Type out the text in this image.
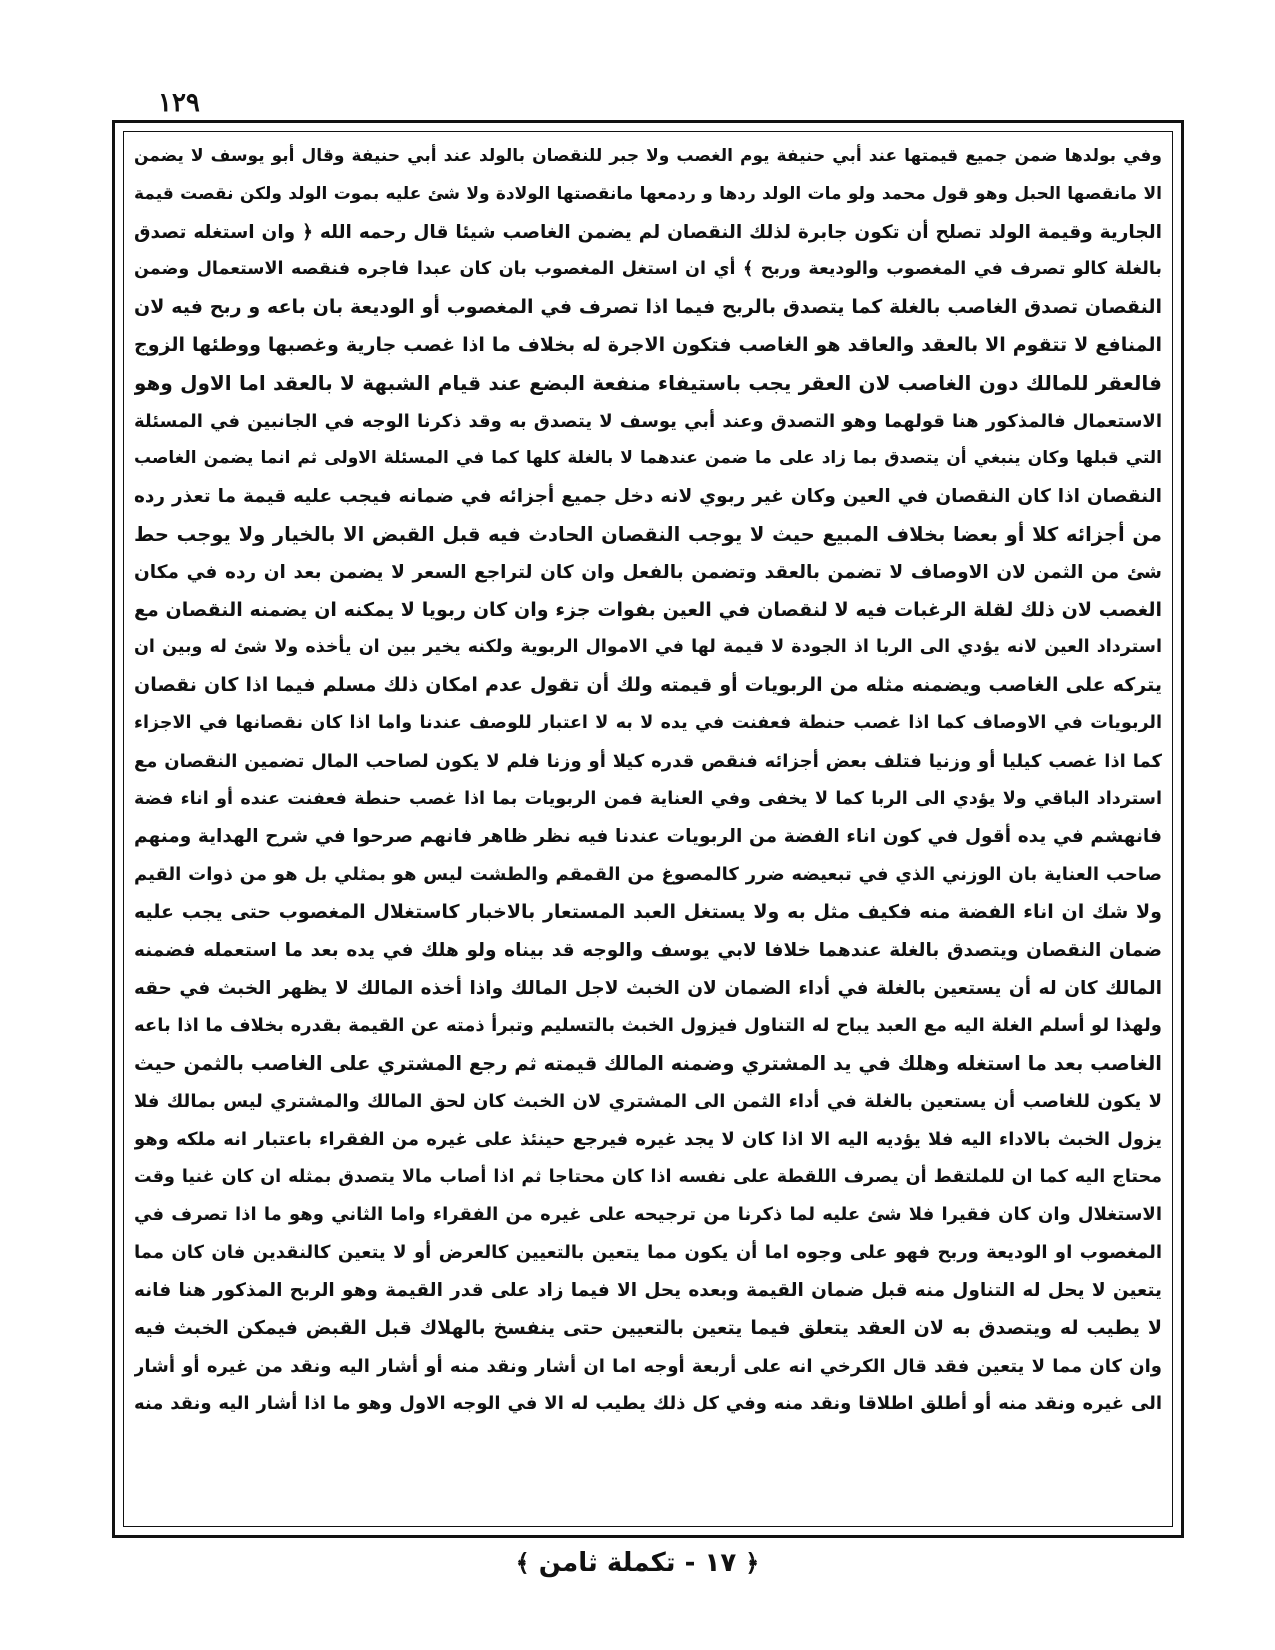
١٢٩
وفي بولدها ضمن جميع قيمتها عند أبي حنيفة يوم الغصب ولا جبر للنقصان بالولد عند أبي حنيفة وقال أبو يوسف لا يضمن
الا مانقصها الحبل وهو قول محمد ولو مات الولد ردها و ردمعها مانقصتها الولادة ولا شئ عليه بموت الولد ولكن نقصت قيمة
الجارية وقيمة الولد تصلح أن تكون جابرة لذلك النقصان لم يضمن الغاصب شيئا قال رحمه الله ﴿ وان استغله تصدق
بالغلة كالو تصرف في المغصوب والوديعة وربح ﴾ أي ان استغل المغصوب بان كان عبدا فاجره فنقصه الاستعمال وضمن
النقصان تصدق الغاصب بالغلة كما يتصدق بالربح فيما اذا تصرف في المغصوب أو الوديعة بان باعه و ربح فيه لان
المنافع لا تتقوم الا بالعقد والعاقد هو الغاصب فتكون الاجرة له بخلاف ما اذا غصب جارية وغصبها ووطئها الزوج
فالعقر للمالك دون الغاصب لان العقر يجب باستيفاء منفعة البضع عند قيام الشبهة لا بالعقد اما الاول وهو
الاستعمال فالمذكور هنا قولهما وهو التصدق وعند أبي يوسف لا يتصدق به وقد ذكرنا الوجه في الجانبين في المسئلة
التي قبلها وكان ينبغي أن يتصدق بما زاد على ما ضمن عندهما لا بالغلة كلها كما في المسئلة الاولى ثم انما يضمن الغاصب
النقصان اذا كان النقصان في العين وكان غير ربوي لانه دخل جميع أجزائه في ضمانه فيجب عليه قيمة ما تعذر رده
من أجزائه كلا أو بعضا بخلاف المبيع حيث لا يوجب النقصان الحادث فيه قبل القبض الا بالخيار ولا يوجب حط
شئ من الثمن لان الاوصاف لا تضمن بالعقد وتضمن بالفعل وان كان لتراجع السعر لا يضمن بعد ان رده في مكان
الغصب لان ذلك لقلة الرغبات فيه لا لنقصان في العين بفوات جزء وان كان ربويا لا يمكنه ان يضمنه النقصان مع
استرداد العين لانه يؤدي الى الربا اذ الجودة لا قيمة لها في الاموال الربوية ولكنه يخير بين ان يأخذه ولا شئ له وبين ان
يتركه على الغاصب ويضمنه مثله من الربويات أو قيمته ولك أن تقول عدم امكان ذلك مسلم فيما اذا كان نقصان
الربويات في الاوصاف كما اذا غصب حنطة فعفنت في يده لا به لا اعتبار للوصف عندنا واما اذا كان نقصانها في الاجزاء
كما اذا غصب كيليا أو وزنيا فتلف بعض أجزائه فنقص قدره كيلا أو وزنا فلم لا يكون لصاحب المال تضمين النقصان مع
استرداد الباقي ولا يؤدي الى الربا كما لا يخفى وفي العناية فمن الربويات بما اذا غصب حنطة فعفنت عنده أو اناء فضة
فانهشم في يده أقول في كون اناء الفضة من الربويات عندنا فيه نظر ظاهر فانهم صرحوا في شرح الهداية ومنهم
صاحب العناية بان الوزني الذي في تبعيضه ضرر كالمصوغ من القمقم والطشت ليس هو بمثلي بل هو من ذوات القيم
ولا شك ان اناء الفضة منه فكيف مثل به ولا يستغل العبد المستعار بالاخبار كاستغلال المغصوب حتى يجب عليه
ضمان النقصان ويتصدق بالغلة عندهما خلافا لابي يوسف والوجه قد بيناه ولو هلك في يده بعد ما استعمله فضمنه
المالك كان له أن يستعين بالغلة في أداء الضمان لان الخبث لاجل المالك واذا أخذه المالك لا يظهر الخبث في حقه
ولهذا لو أسلم الغلة اليه مع العبد يباح له التناول فيزول الخبث بالتسليم وتبرأ ذمته عن القيمة بقدره بخلاف ما اذا باعه
الغاصب بعد ما استغله وهلك في يد المشتري وضمنه المالك قيمته ثم رجع المشتري على الغاصب بالثمن حيث
لا يكون للغاصب أن يستعين بالغلة في أداء الثمن الى المشتري لان الخبث كان لحق المالك والمشتري ليس بمالك فلا
يزول الخبث بالاداء اليه فلا يؤديه اليه الا اذا كان لا يجد غيره فيرجع حينئذ على غيره من الفقراء باعتبار انه ملكه وهو
محتاج اليه كما ان للملتقط أن يصرف اللقطة على نفسه اذا كان محتاجا ثم اذا أصاب مالا يتصدق بمثله ان كان غنيا وقت
الاستغلال وان كان فقيرا فلا شئ عليه لما ذكرنا من ترجيحه على غيره من الفقراء واما الثاني وهو ما اذا تصرف في
المغصوب او الوديعة وربح فهو على وجوه اما أن يكون مما يتعين بالتعيين كالعرض أو لا يتعين كالنقدين فان كان مما
يتعين لا يحل له التناول منه قبل ضمان القيمة وبعده يحل الا فيما زاد على قدر القيمة وهو الربح المذكور هنا فانه
لا يطيب له ويتصدق به لان العقد يتعلق فيما يتعين بالتعيين حتى ينفسخ بالهلاك قبل القبض فيمكن الخبث فيه
وان كان مما لا يتعين فقد قال الكرخي انه على أربعة أوجه اما ان أشار ونقد منه أو أشار اليه ونقد من غيره أو أشار
الى غيره ونقد منه أو أطلق اطلاقا ونقد منه وفي كل ذلك يطيب له الا في الوجه الاول وهو ما اذا أشار اليه ونقد منه
﴿ ١٧ - تكملة ثامن ﴾
